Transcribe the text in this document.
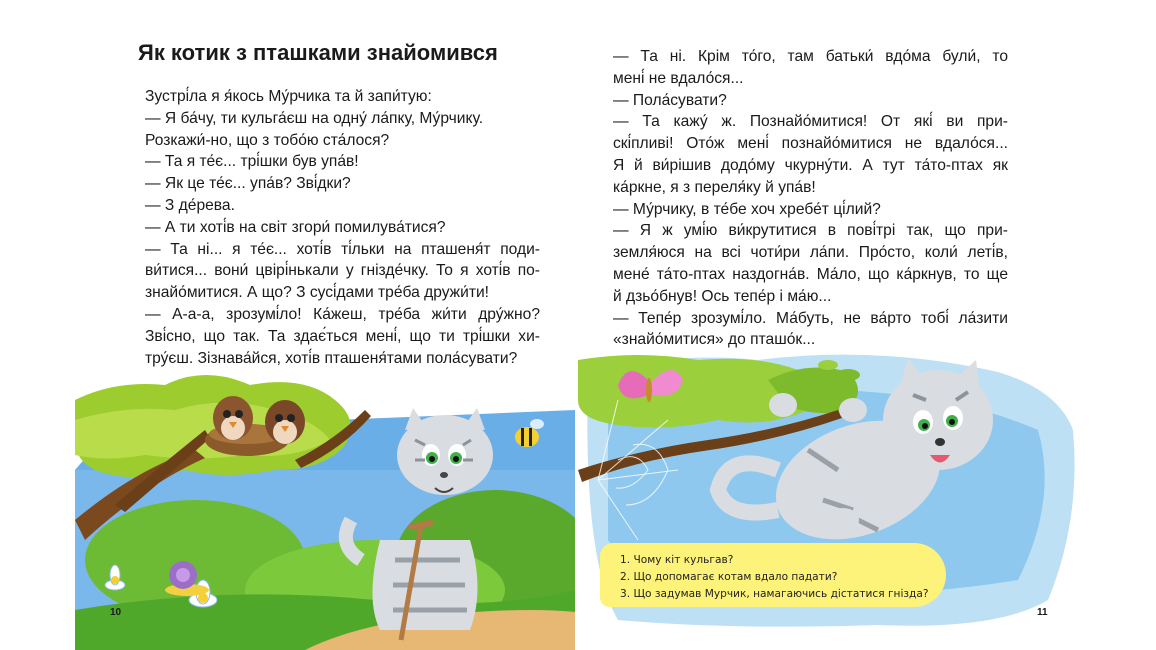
10	11
Як котик з пташками знайомився
Зустрі́ла я я́кось Му́рчика та й запи́тую:
— Я ба́чу, ти кульга́єш на одну́ ла́пку, Му́рчику.
Розкажи́-но, що з тобо́ю ста́лося?
— Та я те́є... трі́шки був упа́в!
— Як це те́є... упа́в? Зві́дки?
— З де́рева.
— А ти хоті́в на світ згори́ помилува́тися?
— Та ні... я те́є... хоті́в ті́льки на пташеня́т поди-
ви́тися... вони́ цвірі́нькали у гнізде́чку. То я хоті́в по-
знайо́митися. А що? З сусі́дами тре́ба дружи́ти!
— А-а-а, зрозумі́ло! Ка́жеш, тре́ба жи́ти дру́жно?
Зві́сно, що так. Та здає́ться мені́, що ти трі́шки хи-
тру́єш. Зізнава́йся, хоті́в пташеня́тами пола́сувати?
— Та ні. Крім то́го, там батьки́ вдо́ма були́, то
мені́ не вдало́ся...
— Пола́сувати?
— Та кажу́ ж. Познайо́митися! От які́ ви при-
скі́пливі! Ото́ж мені́ познайо́митися не вдало́ся...
Я й ви́рішив додо́му чкурну́ти. А тут та́то-птах як
ка́ркне, я з переля́ку й упа́в!
— Му́рчику, в те́бе хоч хребе́т ці́лий?
— Я ж умі́ю ви́крутитися в пові́трі так, що при-
земля́юся на всі чоти́ри ла́пи. Про́сто, коли́ леті́в,
мене́ та́то-птах наздогна́в. Ма́ло, що ка́ркнув, то ще
й дзьо́бнув! Ось тепе́р і ма́ю...
— Тепе́р зрозумі́ло. Ма́буть, не ва́рто тобі́ ла́зити
«знайо́митися» до пташо́к...
1. Чому кіт кульгав?
2. Що допомагає котам вдало падати?
3. Що задумав Мурчик, намагаючись дістатися гнізда?
